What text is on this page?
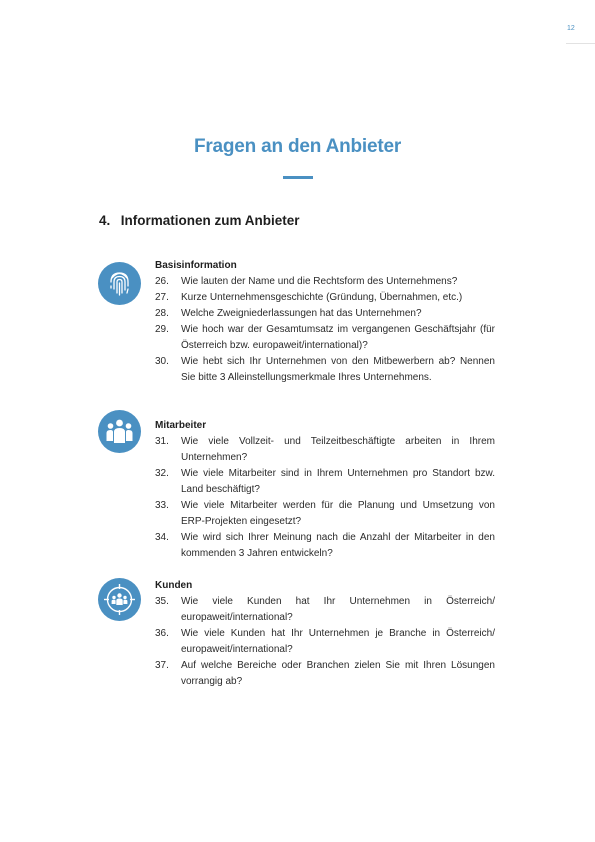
12
Fragen an den Anbieter
4. Informationen zum Anbieter
Basisinformation
26.	Wie lauten der Name und die Rechtsform des Unternehmens?
27.	Kurze Unternehmensgeschichte (Gründung, Übernahmen, etc.)
28.	Welche Zweigniederlassungen hat das Unternehmen?
29.	Wie hoch war der Gesamtumsatz im vergangenen Geschäftsjahr (für Österreich bzw. europaweit/international)?
30.	Wie hebt sich Ihr Unternehmen von den Mitbewerbern ab? Nennen Sie bitte 3 Alleinstellungsmerkmale Ihres Unternehmens.
Mitarbeiter
31.	Wie viele Vollzeit- und Teilzeitbeschäftigte arbeiten in Ihrem Unternehmen?
32.	Wie viele Mitarbeiter sind in Ihrem Unternehmen pro Standort bzw. Land beschäftigt?
33.	Wie viele Mitarbeiter werden für die Planung und Umsetzung von ERP-Projekten eingesetzt?
34.	Wie wird sich Ihrer Meinung nach die Anzahl der Mitarbeiter in den kommenden 3 Jahren entwickeln?
Kunden
35.	Wie viele Kunden hat Ihr Unternehmen in Österreich/ europaweit/international?
36.	Wie viele Kunden hat Ihr Unternehmen je Branche in Österreich/ europaweit/international?
37.	Auf welche Bereiche oder Branchen zielen Sie mit Ihren Lösungen vorrangig ab?
